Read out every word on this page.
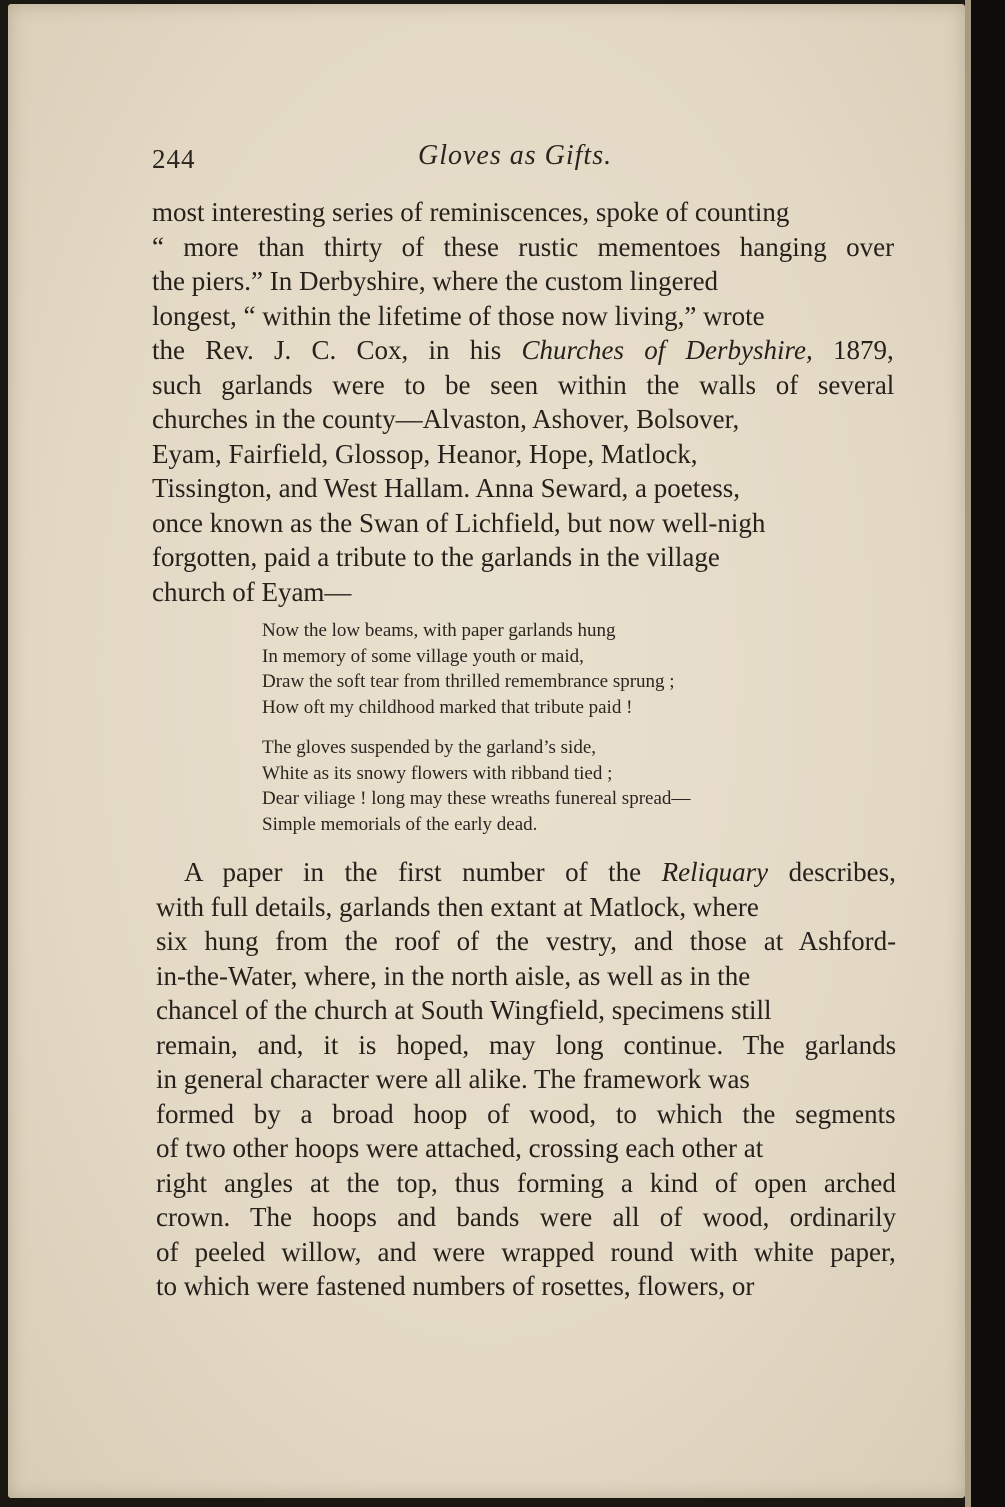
244	Gloves as Gifts.
most interesting series of reminiscences, spoke of counting
“ more than thirty of these rustic mementoes hanging over
the piers.” In Derbyshire, where the custom lingered
longest, “ within the lifetime of those now living,” wrote
the Rev. J. C. Cox, in his Churches of Derbyshire, 1879,
such garlands were to be seen within the walls of several
churches in the county—Alvaston, Ashover, Bolsover,
Eyam, Fairfield, Glossop, Heanor, Hope, Matlock,
Tissington, and West Hallam. Anna Seward, a poetess,
once known as the Swan of Lichfield, but now well-nigh
forgotten, paid a tribute to the garlands in the village
church of Eyam—
Now the low beams, with paper garlands hung
In memory of some village youth or maid,
Draw the soft tear from thrilled remembrance sprung ;
How oft my childhood marked that tribute paid !
The gloves suspended by the garland’s side,
White as its snowy flowers with ribband tied ;
Dear viliage ! long may these wreaths funereal spread—
Simple memorials of the early dead.
A paper in the first number of the Reliquary describes,
with full details, garlands then extant at Matlock, where
six hung from the roof of the vestry, and those at Ashford-
in-the-Water, where, in the north aisle, as well as in the
chancel of the church at South Wingfield, specimens still
remain, and, it is hoped, may long continue. The garlands
in general character were all alike. The framework was
formed by a broad hoop of wood, to which the segments
of two other hoops were attached, crossing each other at
right angles at the top, thus forming a kind of open arched
crown. The hoops and bands were all of wood, ordinarily
of peeled willow, and were wrapped round with white paper,
to which were fastened numbers of rosettes, flowers, or
